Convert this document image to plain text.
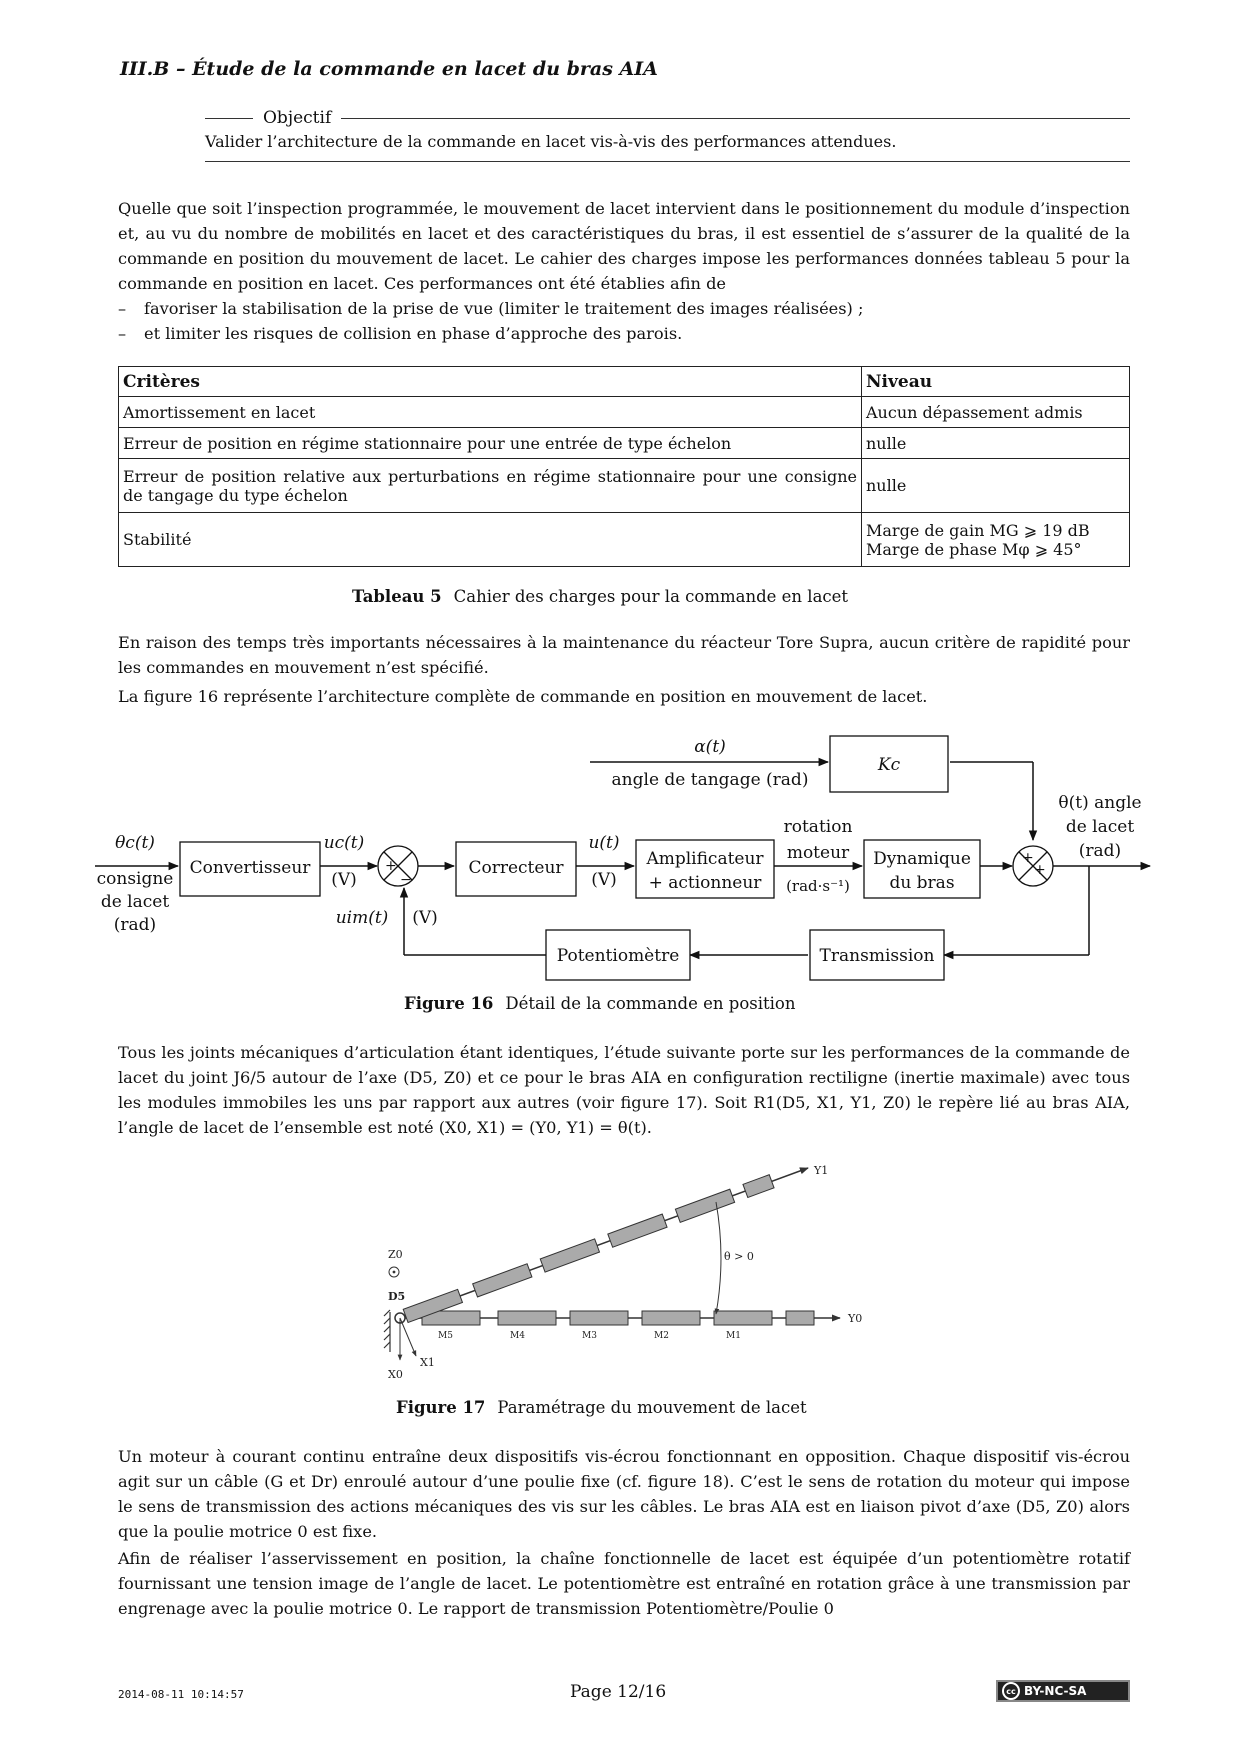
III.B – Étude de la commande en lacet du bras AIA
Objectif
Valider l’architecture de la commande en lacet vis-à-vis des performances attendues.
Quelle que soit l’inspection programmée, le mouvement de lacet intervient dans le positionnement du module d’inspection et, au vu du nombre de mobilités en lacet et des caractéristiques du bras, il est essentiel de s’assurer de la qualité de la commande en position du mouvement de lacet. Le cahier des charges impose les performances données tableau 5 pour la commande en position en lacet. Ces performances ont été établies afin de
–	favoriser la stabilisation de la prise de vue (limiter le traitement des images réalisées) ;
–	et limiter les risques de collision en phase d’approche des parois.
Critères	Niveau
Amortissement en lacet	Aucun dépassement admis
Erreur de position en régime stationnaire pour une entrée de type échelon	nulle
Erreur de position relative aux perturbations en régime stationnaire pour une consigne de tangage du type échelon	nulle
Stabilité	Marge de gain MG ⩾ 19 dB
Marge de phase Mφ ⩾ 45°
Tableau 5 Cahier des charges pour la commande en lacet
En raison des temps très importants nécessaires à la maintenance du réacteur Tore Supra, aucun critère de rapidité pour les commandes en mouvement n’est spécifié.
La figure 16 représente l’architecture complète de commande en position en mouvement de lacet.
+
−
+
+
α(t)
angle de tangage (rad)
Kc
θc(t)
consigne
de lacet
(rad)
Convertisseur
uc(t)
(V)
Correcteur
u(t)
(V)
Amplificateur
+ actionneur
rotation
moteur
(rad·s⁻¹)
Dynamique
du bras
θ(t) angle
de lacet
(rad)
uim(t) (V)
Potentiomètre	Transmission
Figure 16 Détail de la commande en position
Tous les joints mécaniques d’articulation étant identiques, l’étude suivante porte sur les performances de la commande de lacet du joint J6/5 autour de l’axe (D5, Z0) et ce pour le bras AIA en configuration rectiligne (inertie maximale) avec tous les modules immobiles les uns par rapport aux autres (voir figure 17). Soit R1(D5, X1, Y1, Z0) le repère lié au bras AIA, l’angle de lacet de l’ensemble est noté (X0, X1) = (Y0, Y1) = θ(t).
Y1
Y0
Z0
D5
X0
X1
θ > 0
M5	M4	M3	M2	M1
Figure 17 Paramétrage du mouvement de lacet
Un moteur à courant continu entraîne deux dispositifs vis-écrou fonctionnant en opposition. Chaque dispositif vis-écrou agit sur un câble (G et Dr) enroulé autour d’une poulie fixe (cf. figure 18). C’est le sens de rotation du moteur qui impose le sens de transmission des actions mécaniques des vis sur les câbles. Le bras AIA est en liaison pivot d’axe (D5, Z0) alors que la poulie motrice 0 est fixe.
Afin de réaliser l’asservissement en position, la chaîne fonctionnelle de lacet est équipée d’un potentiomètre rotatif fournissant une tension image de l’angle de lacet. Le potentiomètre est entraîné en rotation grâce à une transmission par engrenage avec la poulie motrice 0. Le rapport de transmission Potentiomètre/Poulie 0
2014-08-11 10:14:57	Page 12/16	cc BY-NC-SA
